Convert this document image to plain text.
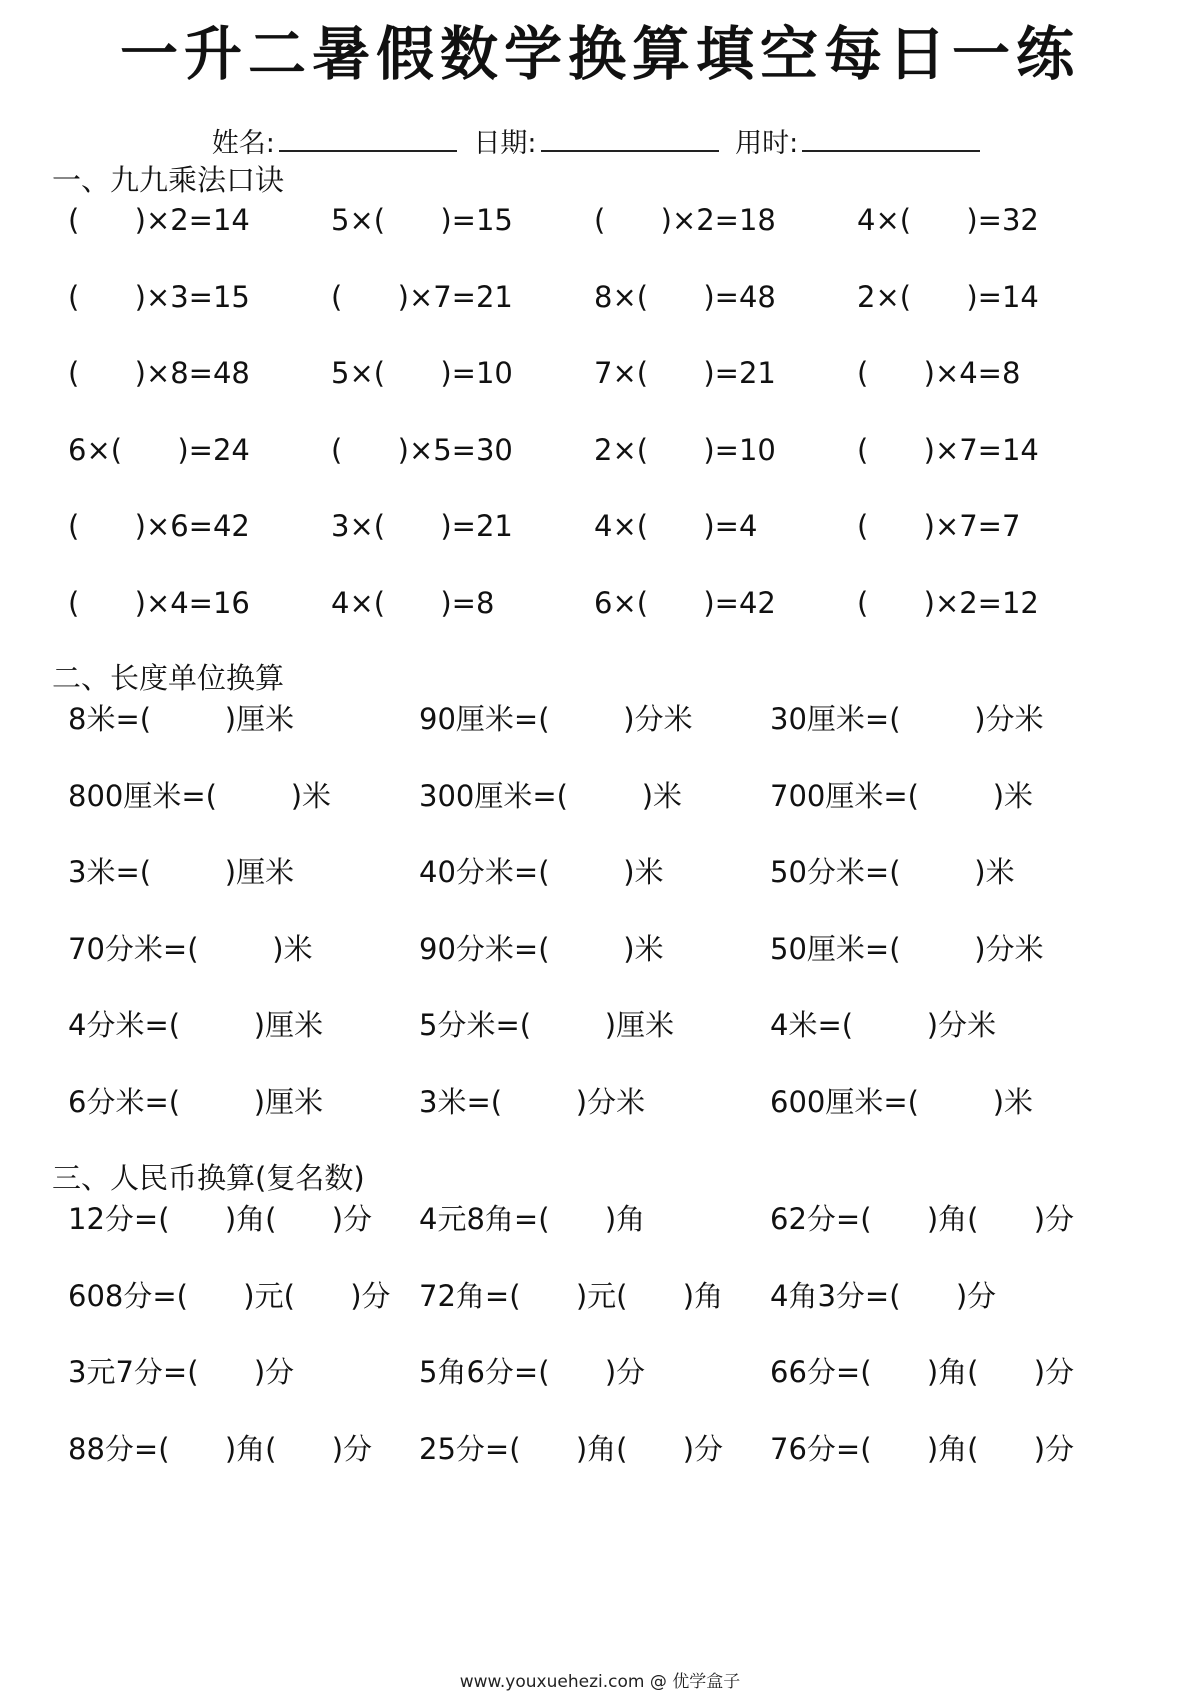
一升二暑假数学换算填空每日一练
姓名:	日期:	用时:
一、九九乘法口诀
二、长度单位换算
三、人民币换算(复名数)
(      )×2=14	5×(      )=15	(      )×2=18	4×(      )=32
(      )×3=15	(      )×7=21	8×(      )=48	2×(      )=14
(      )×8=48	5×(      )=10	7×(      )=21	(      )×4=8
6×(      )=24	(      )×5=30	2×(      )=10	(      )×7=14
(      )×6=42	3×(      )=21	4×(      )=4	(      )×7=7
(      )×4=16	4×(      )=8	6×(      )=42	(      )×2=12
8米=(        )厘米	90厘米=(        )分米	30厘米=(        )分米
800厘米=(        )米	300厘米=(        )米	700厘米=(        )米
3米=(        )厘米	40分米=(        )米	50分米=(        )米
70分米=(        )米	90分米=(        )米	50厘米=(        )分米
4分米=(        )厘米	5分米=(        )厘米	4米=(        )分米
6分米=(        )厘米	3米=(        )分米	600厘米=(        )米
12分=(      )角(      )分 4元8角=(      )角	62分=(      )角(      )分
608分=(      )元(      )分 72角=(      )元(      )角 4角3分=(      )分
3元7分=(      )分	5角6分=(      )分	66分=(      )角(      )分
88分=(      )角(      )分 25分=(      )角(      )分 76分=(      )角(      )分
www.youxuehezi.com @ 优学盒子
